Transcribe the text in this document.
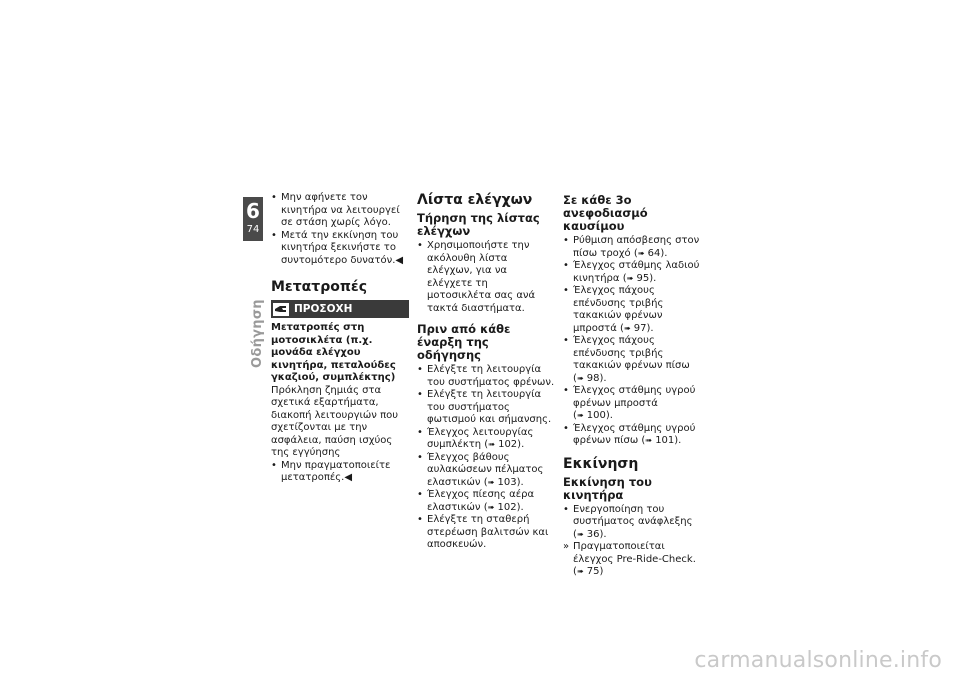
6
74
Οδήγηση
• Μην αφήνετε τον κινητήρα να λειτουργεί σε στάση χωρίς λόγο.
• Μετά την εκκίνηση του κινητήρα ξεκινήστε το συντομότερο δυνατόν.◀
Μετατροπές
ΠΡΟΣΟΧΗ
Μετατροπές στη μοτοσικλέτα (π.χ. μονάδα ελέγχου κινητήρα, πεταλούδες γκαζιού, συμπλέκτης)

Πρόκληση ζημιάς στα σχετικά εξαρτήματα, διακοπή λειτουργιών που σχετίζονται με την ασφάλεια, παύση ισχύος της εγγύησης

• Μην πραγματοποιείτε μετατροπές.◀
Λίστα ελέγχων
Τήρηση της λίστας ελέγχων
• Χρησιμοποιήστε την ακόλουθη λίστα ελέγχων, για να ελέγχετε τη μοτοσικλέτα σας ανά τακτά διαστήματα.
Πριν από κάθε έναρξη της οδήγησης
• Ελέγξτε τη λειτουργία του συστήματος φρένων.
• Ελέγξτε τη λειτουργία του συστήματος φωτισμού και σήμανσης.
• Έλεγχος λειτουργίας συμπλέκτη (➠ 102).
• Έλεγχος βάθους αυλακώσεων πέλματος ελαστικών (➠ 103).
• Έλεγχος πίεσης αέρα ελαστικών (➠ 102).
• Ελέγξτε τη σταθερή στερέωση βαλιτσών και αποσκευών.
Σε κάθε 3ο ανεφοδιασμό καυσίμου
• Ρύθμιση απόσβεσης στον πίσω τροχό (➠ 64).
• Έλεγχος στάθμης λαδιού κινητήρα (➠ 95).
• Έλεγχος πάχους επένδυσης τριβής τακακιών φρένων μπροστά (➠ 97).
• Έλεγχος πάχους επένδυσης τριβής τακακιών φρένων πίσω (➠ 98).
• Έλεγχος στάθμης υγρού φρένων μπροστά (➠ 100).
• Έλεγχος στάθμης υγρού φρένων πίσω (➠ 101).
Εκκίνηση
Εκκίνηση του κινητήρα
• Ενεργοποίηση του συστήματος ανάφλεξης (➠ 36).
» Πραγματοποιείται έλεγχος Pre-Ride-Check. (➠ 75)
carmanualsonline.info
